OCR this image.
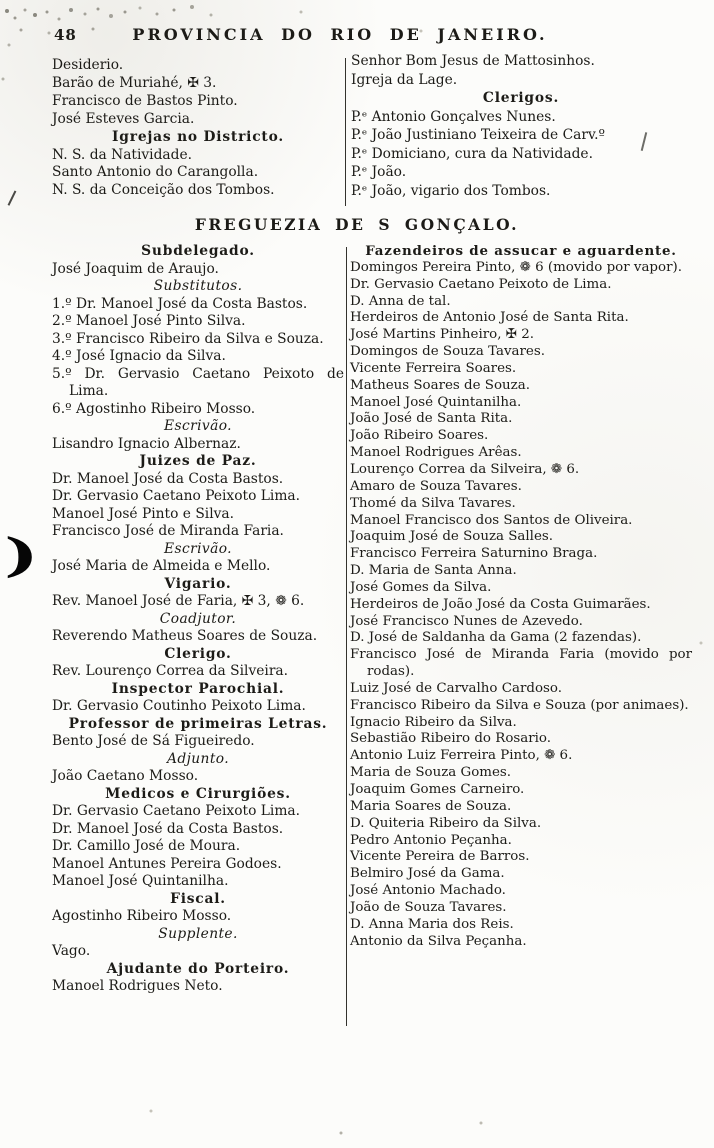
48	PROVINCIA DO RIO DE JANEIRO.
Desiderio.
Barão de Muriahé, ✠ 3.
Francisco de Bastos Pinto.
José Esteves Garcia.
Igrejas no Districto.
N. S. da Natividade.
Santo Antonio do Carangolla.
N. S. da Conceição dos Tombos.
Senhor Bom Jesus de Mattosinhos.
Igreja da Lage.
Clerigos.
P.ᵉ Antonio Gonçalves Nunes.
P.ᵉ João Justiniano Teixeira de Carv.º
P.ᵉ Domiciano, cura da Natividade.
P.ᵉ João.
P.ᵉ João, vigario dos Tombos.
FREGUEZIA DE S GONÇALO.
Subdelegado.
José Joaquim de Araujo.
Substitutos.
1.º Dr. Manoel José da Costa Bastos.
2.º Manoel José Pinto Silva.
3.º Francisco Ribeiro da Silva e Souza.
4.º José Ignacio da Silva.
5.º Dr. Gervasio Caetano Peixoto de Lima.
6.º Agostinho Ribeiro Mosso.
Escrivão.
Lisandro Ignacio Albernaz.
Juizes de Paz.
Dr. Manoel José da Costa Bastos.
Dr. Gervasio Caetano Peixoto Lima.
Manoel José Pinto e Silva.
Francisco José de Miranda Faria.
Escrivão.
José Maria de Almeida e Mello.
Vigario.
Rev. Manoel José de Faria, ✠ 3, ❁ 6.
Coadjutor.
Reverendo Matheus Soares de Souza.
Clerigo.
Rev. Lourenço Correa da Silveira.
Inspector Parochial.
Dr. Gervasio Coutinho Peixoto Lima.
Professor de primeiras Letras.
Bento José de Sá Figueiredo.
Adjunto.
João Caetano Mosso.
Medicos e Cirurgiões.
Dr. Gervasio Caetano Peixoto Lima.
Dr. Manoel José da Costa Bastos.
Dr. Camillo José de Moura.
Manoel Antunes Pereira Godoes.
Manoel José Quintanilha.
Fiscal.
Agostinho Ribeiro Mosso.
Supplente.
Vago.
Ajudante do Porteiro.
Manoel Rodrigues Neto.
Fazendeiros de assucar e aguardente.
Domingos Pereira Pinto, ❁ 6 (movido por vapor).
Dr. Gervasio Caetano Peixoto de Lima.
D. Anna de tal.
Herdeiros de Antonio José de Santa Rita.
José Martins Pinheiro, ✠ 2.
Domingos de Souza Tavares.
Vicente Ferreira Soares.
Matheus Soares de Souza.
Manoel José Quintanilha.
João José de Santa Rita.
João Ribeiro Soares.
Manoel Rodrigues Arêas.
Lourenço Correa da Silveira, ❁ 6.
Amaro de Souza Tavares.
Thomé da Silva Tavares.
Manoel Francisco dos Santos de Oliveira.
Joaquim José de Souza Salles.
Francisco Ferreira Saturnino Braga.
D. Maria de Santa Anna.
José Gomes da Silva.
Herdeiros de João José da Costa Guimarães.
José Francisco Nunes de Azevedo.
D. José de Saldanha da Gama (2 fazendas).
Francisco José de Miranda Faria (movido por rodas).
Luiz José de Carvalho Cardoso.
Francisco Ribeiro da Silva e Souza (por animaes).
Ignacio Ribeiro da Silva.
Sebastião Ribeiro do Rosario.
Antonio Luiz Ferreira Pinto, ❁ 6.
Maria de Souza Gomes.
Joaquim Gomes Carneiro.
Maria Soares de Souza.
D. Quiteria Ribeiro da Silva.
Pedro Antonio Peçanha.
Vicente Pereira de Barros.
Belmiro José da Gama.
José Antonio Machado.
João de Souza Tavares.
D. Anna Maria dos Reis.
Antonio da Silva Peçanha.
)
